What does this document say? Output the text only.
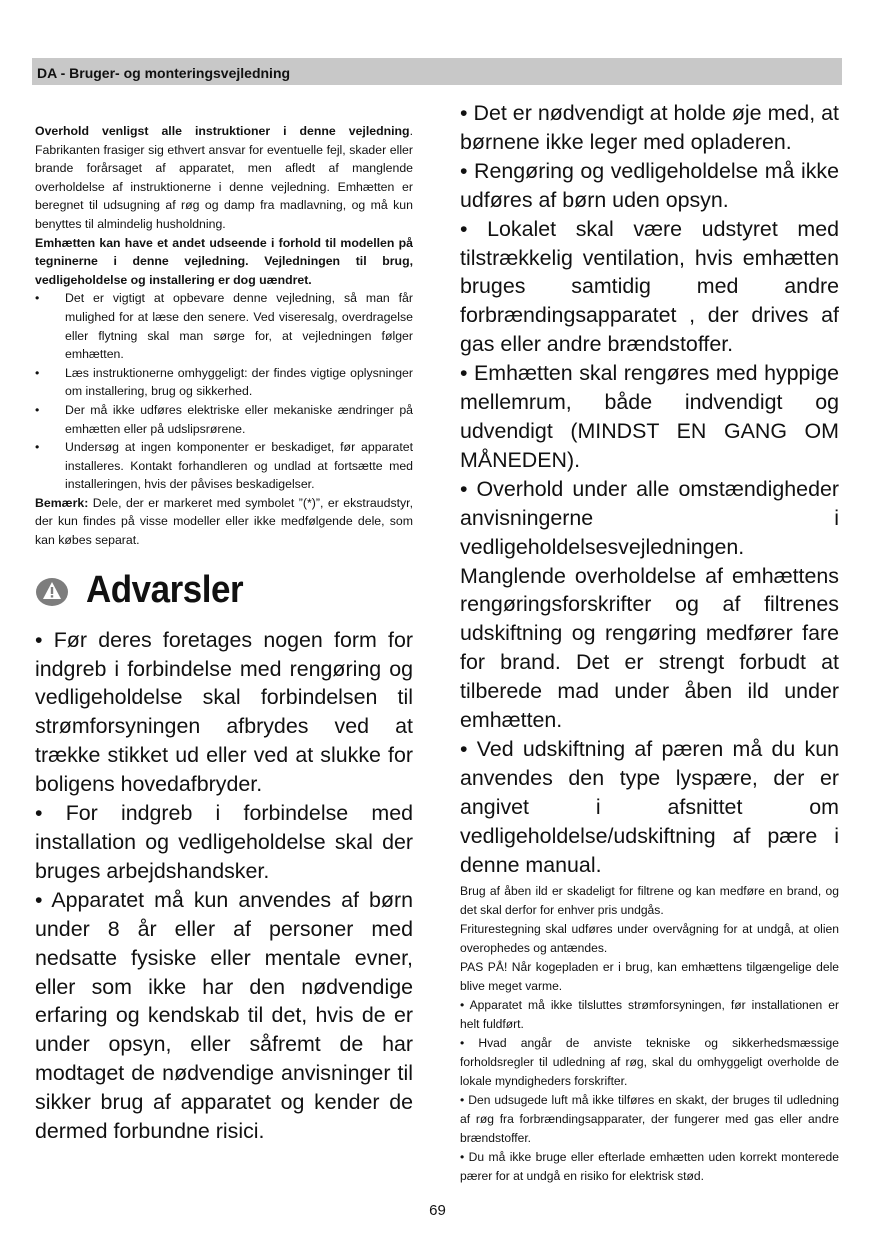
DA - Bruger- og monteringsvejledning

Overhold venligst alle instruktioner i denne vejledning. Fabrikanten frasiger sig ethvert ansvar for eventuelle fejl, skader eller brande forårsaget af apparatet, men afledt af manglende overholdelse af instruktionerne i denne vejledning. Emhætten er beregnet til udsugning af røg og damp fra madlavning, og må kun benyttes til almindelig husholdning.

Emhætten kan have et andet udseende i forhold til modellen på tegninerne i denne vejledning. Vejledningen til brug, vedligeholdelse og installering er dog uændret.

• Det er vigtigt at opbevare denne vejledning, så man får mulighed for at læse den senere. Ved viseresalg, overdragelse eller flytning skal man sørge for, at vejledningen følger emhætten.
• Læs instruktionerne omhyggeligt: der findes vigtige oplysninger om installering, brug og sikkerhed.
• Der må ikke udføres elektriske eller mekaniske ændringer på emhætten eller på udslipsrørene.
• Undersøg at ingen komponenter er beskadiget, før apparatet installeres. Kontakt forhandleren og undlad at fortsætte med installeringen, hvis der påvises beskadigelser.

Bemærk: Dele, der er markeret med symbolet ”(*)”, er ekstraudstyr, der kun findes på visse modeller eller ikke medfølgende dele, som kan købes separat.

Advarsler

• Før deres foretages nogen form for indgreb i forbindelse med rengøring og vedligeholdelse skal forbindelsen til strømforsyningen afbrydes ved at trække stikket ud eller ved at slukke for boligens hovedafbryder.

• For indgreb i forbindelse med installation og vedligeholdelse skal der bruges arbejdshandsker.

• Apparatet må kun anvendes af børn under 8 år eller af personer med nedsatte fysiske eller mentale evner, eller som ikke har den nødvendige erfaring og kendskab til det, hvis de er under opsyn, eller såfremt de har modtaget de nødvendige anvisninger til sikker brug af apparatet og kender de dermed forbundne risici.

• Det er nødvendigt at holde øje med, at børnene ikke leger med opladeren.

• Rengøring og vedligeholdelse må ikke udføres af børn uden opsyn.

• Lokalet skal være udstyret med tilstrækkelig ventilation, hvis emhætten bruges samtidig med andre forbrændingsapparatet , der drives af gas eller andre brændstoffer.

• Emhætten skal rengøres med hyppige mellemrum, både indvendigt og udvendigt (MINDST EN GANG OM MÅNEDEN).

• Overhold under alle omstændigheder anvisningerne i vedligeholdelsesvejledningen.

Manglende overholdelse af emhættens rengøringsforskrifter og af filtrenes udskiftning og rengøring medfører fare for brand. Det er strengt forbudt at tilberede mad under åben ild under emhætten.

• Ved udskiftning af pæren må du kun anvendes den type lyspære, der er angivet i afsnittet om vedligeholdelse/udskiftning af pære i denne manual.

Brug af åben ild er skadeligt for filtrene og kan medføre en brand, og det skal derfor for enhver pris undgås.

Friturestegning skal udføres under overvågning for at undgå, at olien overophedes og antændes.

PAS PÅ! Når kogepladen er i brug, kan emhættens tilgængelige dele blive meget varme.

• Apparatet må ikke tilsluttes strømforsyningen, før installationen er helt fuldført.

• Hvad angår de anviste tekniske og sikkerhedsmæssige forholdsregler til udledning af røg, skal du omhyggeligt overholde de lokale myndigheders forskrifter.

• Den udsugede luft må ikke tilføres en skakt, der bruges til udledning af røg fra forbrændingsapparater, der fungerer med gas eller andre brændstoffer.

• Du må ikke bruge eller efterlade emhætten uden korrekt monterede pærer for at undgå en risiko for elektrisk stød.

69
